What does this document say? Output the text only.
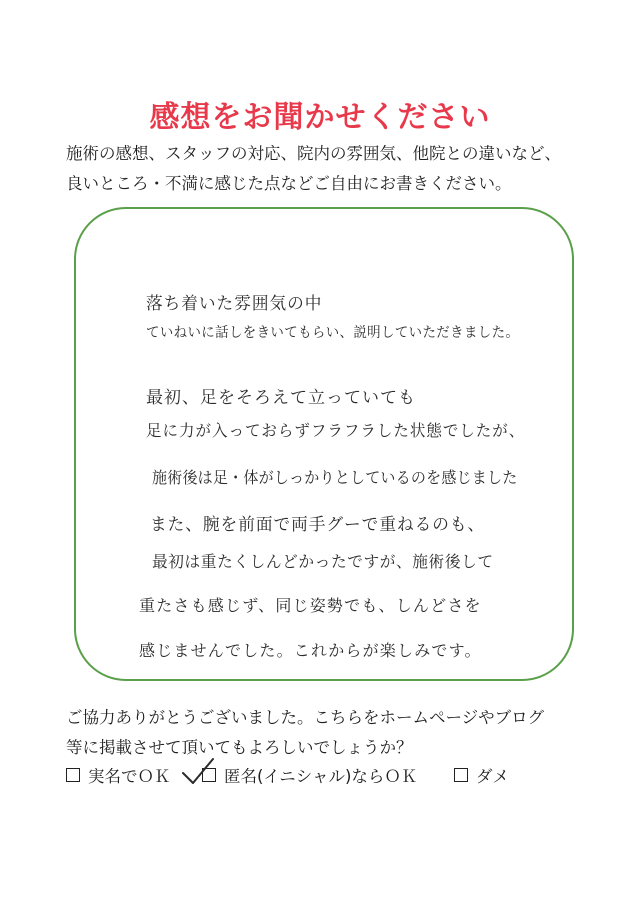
感想をお聞かせください
施術の感想、スタッフの対応、院内の雰囲気、他院との違いなど、
良いところ・不満に感じた点などご自由にお書きください。
落ち着いた雰囲気の中
ていねいに話しをきいてもらい、説明していただきました。
最初、足をそろえて立っていても
足に力が入っておらずフラフラした状態でしたが、
施術後は足・体がしっかりとしているのを感じました
また、腕を前面で両手グーで重ねるのも、
最初は重たくしんどかったですが、施術後して
重たさも感じず、同じ姿勢でも、しんどさを
感じませんでした。これからが楽しみです。
ご協力ありがとうございました。こちらをホームページやブログ
等に掲載させて頂いてもよろしいでしょうか？
実名でＯＫ	匿名(イニシャル)ならＯＫ	ダメ
